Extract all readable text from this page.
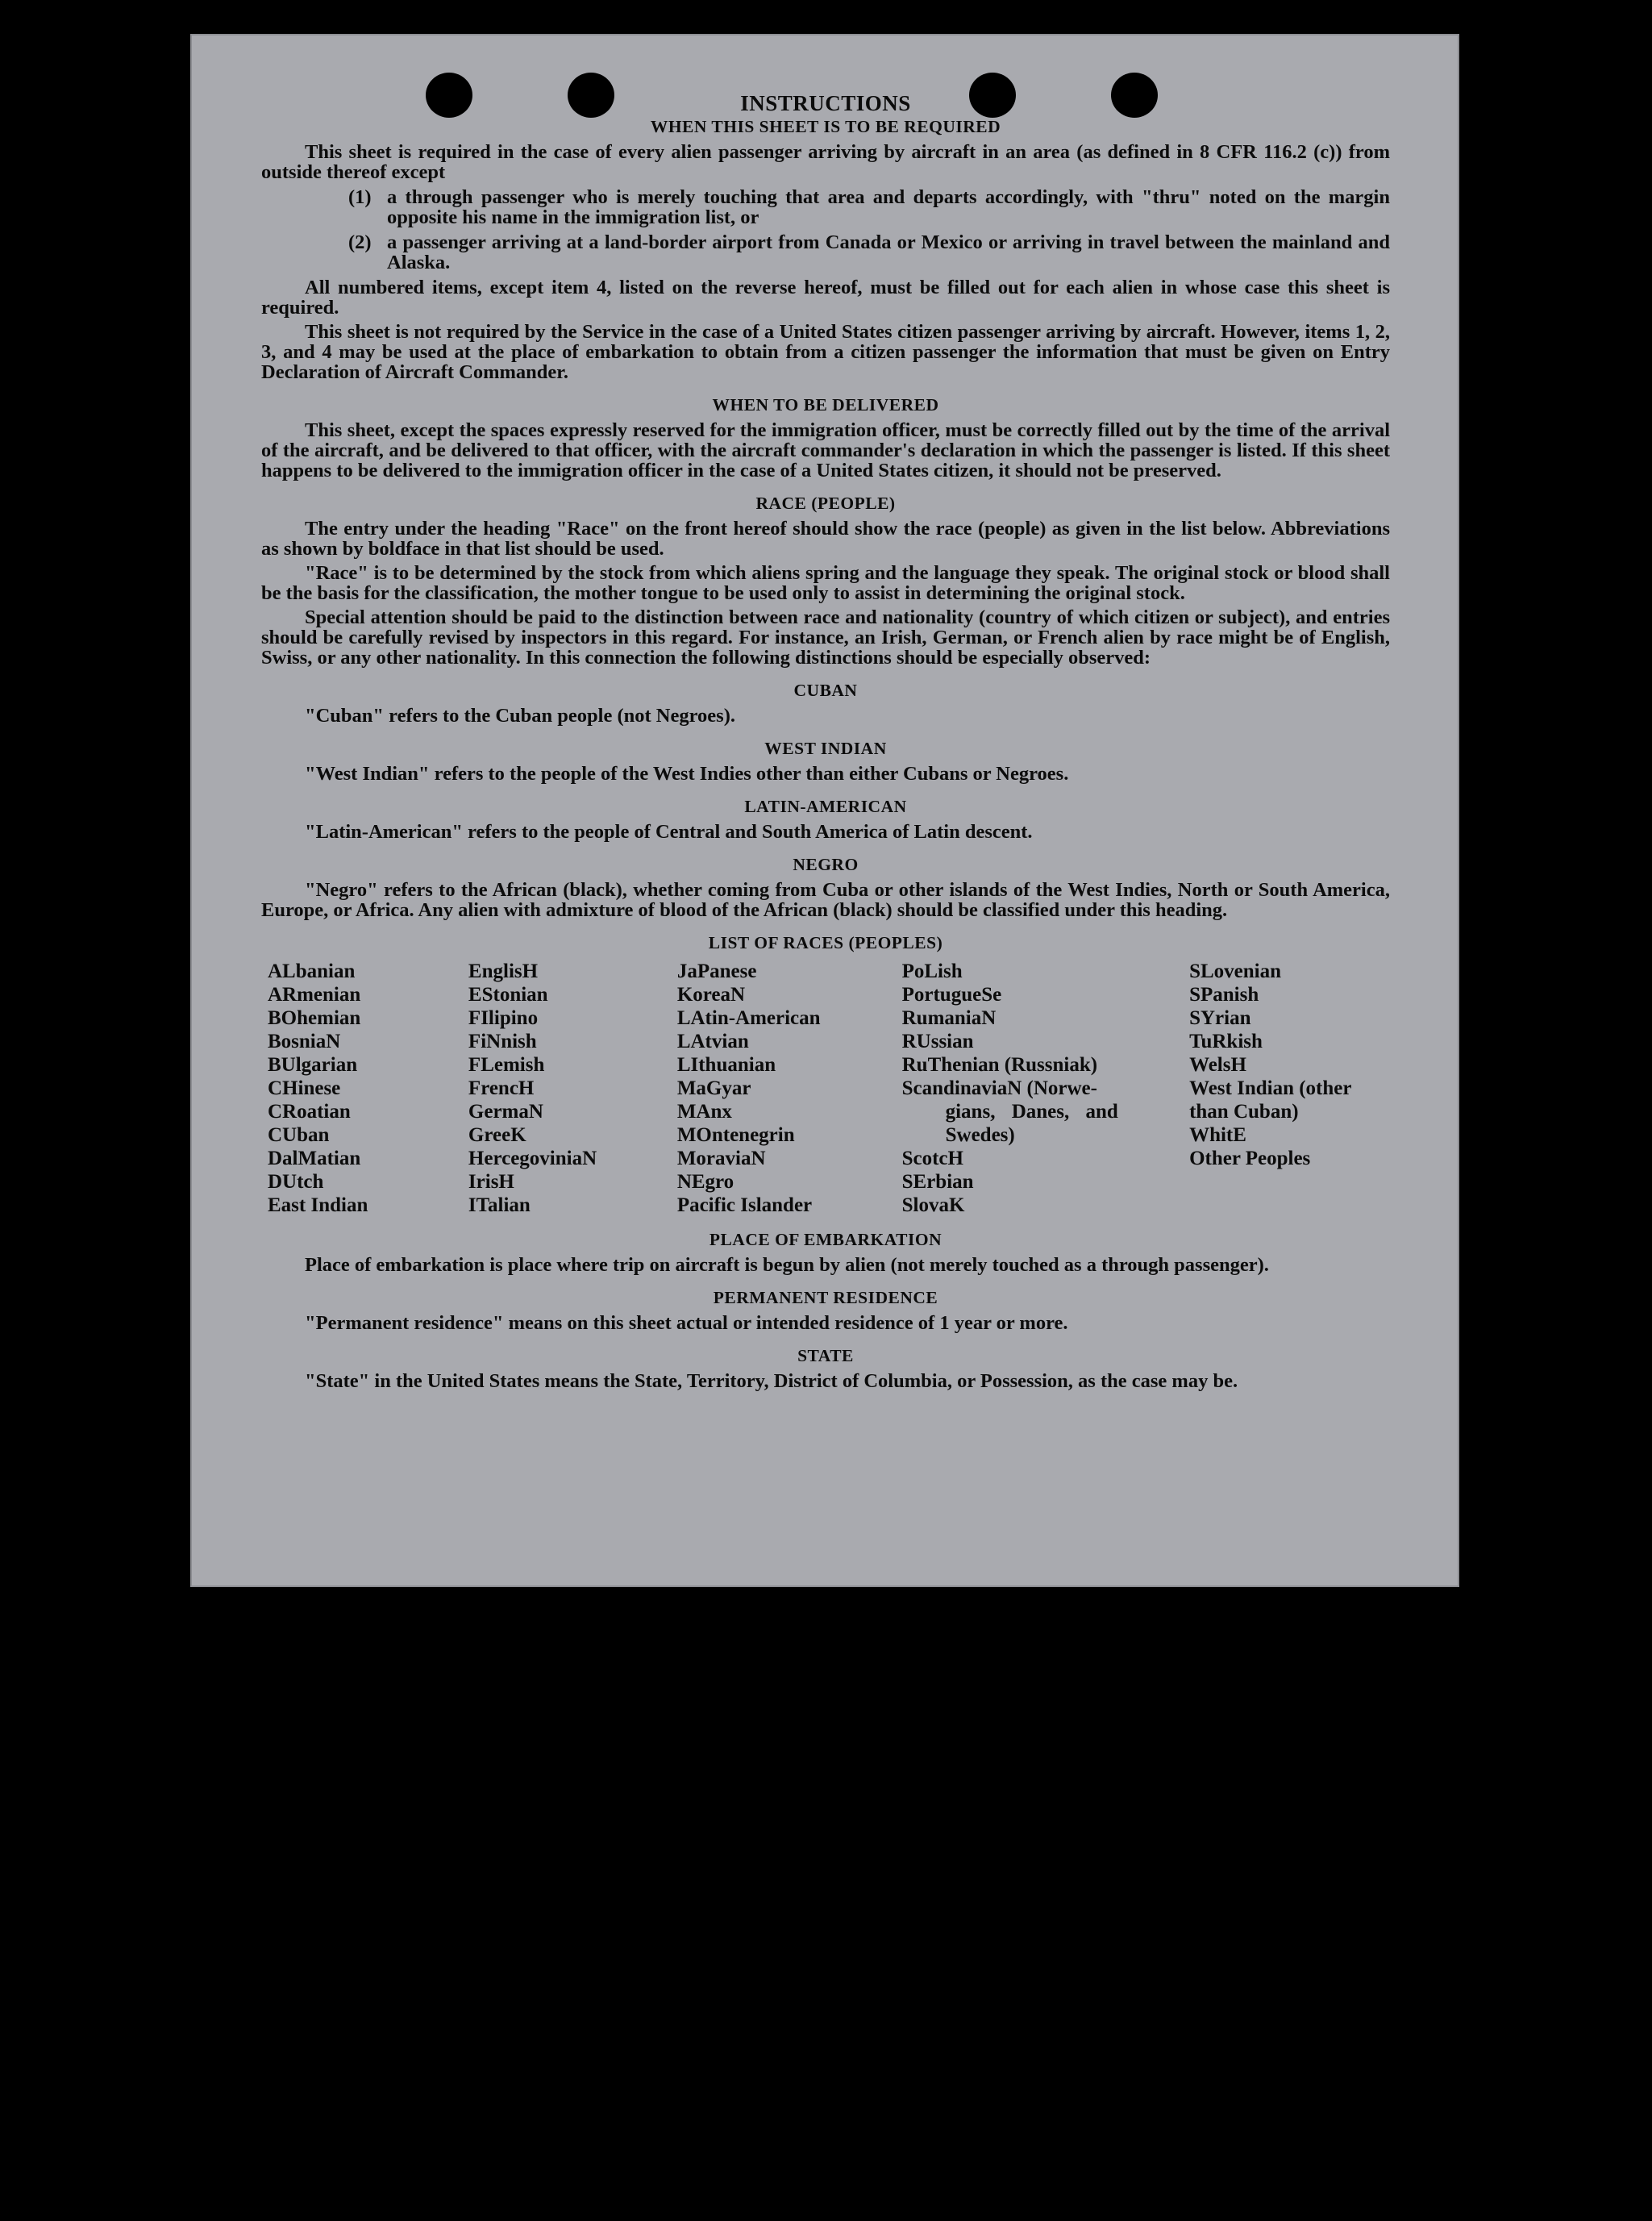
INSTRUCTIONS
WHEN THIS SHEET IS TO BE REQUIRED
This sheet is required in the case of every alien passenger arriving by aircraft in an area (as defined in 8 CFR 116.2 (c)) from outside thereof except
(1) a through passenger who is merely touching that area and departs accordingly, with "thru" noted on the margin opposite his name in the immigration list, or
(2) a passenger arriving at a land-border airport from Canada or Mexico or arriving in travel between the mainland and Alaska.
All numbered items, except item 4, listed on the reverse hereof, must be filled out for each alien in whose case this sheet is required.
This sheet is not required by the Service in the case of a United States citizen passenger arriving by aircraft. However, items 1, 2, 3, and 4 may be used at the place of embarkation to obtain from a citizen passenger the information that must be given on Entry Declaration of Aircraft Commander.
WHEN TO BE DELIVERED
This sheet, except the spaces expressly reserved for the immigration officer, must be correctly filled out by the time of the arrival of the aircraft, and be delivered to that officer, with the aircraft commander's declaration in which the passenger is listed. If this sheet happens to be delivered to the immigration officer in the case of a United States citizen, it should not be preserved.
RACE (PEOPLE)
The entry under the heading "Race" on the front hereof should show the race (people) as given in the list below. Abbreviations as shown by boldface in that list should be used.
"Race" is to be determined by the stock from which aliens spring and the language they speak. The original stock or blood shall be the basis for the classification, the mother tongue to be used only to assist in determining the original stock.
Special attention should be paid to the distinction between race and nationality (country of which citizen or subject), and entries should be carefully revised by inspectors in this regard. For instance, an Irish, German, or French alien by race might be of English, Swiss, or any other nationality. In this connection the following distinctions should be especially observed:
CUBAN
"Cuban" refers to the Cuban people (not Negroes).
WEST INDIAN
"West Indian" refers to the people of the West Indies other than either Cubans or Negroes.
LATIN-AMERICAN
"Latin-American" refers to the people of Central and South America of Latin descent.
NEGRO
"Negro" refers to the African (black), whether coming from Cuba or other islands of the West Indies, North or South America, Europe, or Africa. Any alien with admixture of blood of the African (black) should be classified under this heading.
LIST OF RACES (PEOPLES)
ALbanian
ARmenian
BOhemian
BosniaN
BUlgarian
CHinese
CRoatian
CUban
DalMatian
DUtch
East Indian
EnglisH
EStonian
FIlipino
FiNnish
FLemish
FrencH
GermaN
GreeK
HercegoviniaN
IrisH
ITalian
JaPanese
KoreaN
LAtin-American
LAtvian
LIthuanian
MaGyar
MAnx
MOntenegrin
MoraviaN
NEgro
Pacific Islander
PoLish
PortugueSe
RumaniaN
RUssian
RuThenian (Russniak)
ScandinaviaN (Norwe-
gians, Danes, and
Swedes)
ScotcH
SErbian
SlovaK
SLovenian
SPanish
SYrian
TuRkish
WelsH
West Indian (other
than Cuban)
WhitE
Other Peoples
PLACE OF EMBARKATION
Place of embarkation is place where trip on aircraft is begun by alien (not merely touched as a through passenger).
PERMANENT RESIDENCE
"Permanent residence" means on this sheet actual or intended residence of 1 year or more.
STATE
"State" in the United States means the State, Territory, District of Columbia, or Possession, as the case may be.
